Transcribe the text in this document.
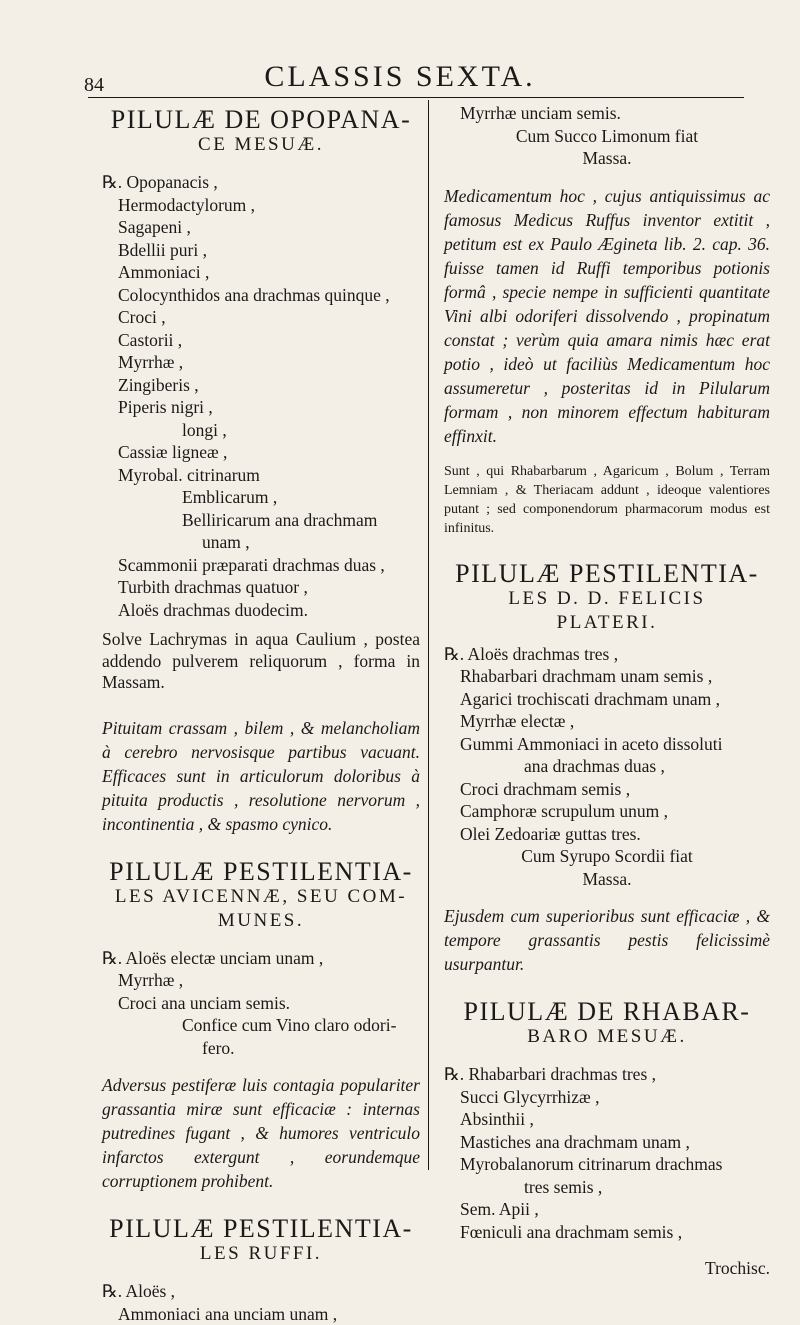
84	CLASSIS SEXTA.
PILULÆ DE OPOPANA-
CE MESUÆ.
℞. Opopanacis ,
Hermodactylorum ,
Sagapeni ,
Bdellii puri ,
Ammoniaci ,
Colocynthidos ana drachmas quinque ,
Croci ,
Castorii ,
Myrrhæ ,
Zingiberis ,
Piperis nigri ,
longi ,
Cassiæ ligneæ ,
Myrobal. citrinarum
Emblicarum ,
Belliricarum ana drachmam
unam ,
Scammonii præparati drachmas duas ,
Turbith drachmas quatuor ,
Aloës drachmas duodecim.
Solve Lachrymas in aqua Caulium , postea addendo pulverem reliquorum , forma in Massam.
Pituitam crassam , bilem , & melancholiam à cerebro nervosisque partibus vacuant. Efficaces sunt in articulorum doloribus à pituita productis , resolutione nervorum , incontinentia , & spasmo cynico.
PILULÆ PESTILENTIA-
LES AVICENNÆ, SEU COM-
MUNES.
℞. Aloës electæ unciam unam ,
Myrrhæ ,
Croci ana unciam semis.
Confice cum Vino claro odori-
fero.
Adversus pestiferæ luis contagia populariter grassantia miræ sunt efficaciæ : internas putredines fugant , & humores ventriculo infarctos extergunt , eorundemque corruptionem prohibent.
PILULÆ PESTILENTIA-
LES RUFFI.
℞. Aloës ,
Ammoniaci ana unciam unam ,
Myrrhæ unciam semis.
Cum Succo Limonum fiat
Massa.
Medicamentum hoc , cujus antiquissimus ac famosus Medicus Ruffus inventor extitit , petitum est ex Paulo Ægineta lib. 2. cap. 36. fuisse tamen id Ruffi temporibus potionis formâ , specie nempe in sufficienti quantitate Vini albi odoriferi dissolvendo , propinatum constat ; verùm quia amara nimis hæc erat potio , ideò ut faciliùs Medicamentum hoc assumeretur , posteritas id in Pilularum formam , non minorem effectum habituram effinxit.
Sunt , qui Rhabarbarum , Agaricum , Bolum , Terram Lemniam , & Theriacam addunt , ideoque valentiores putant ; sed componendorum pharmacorum modus est infinitus.
PILULÆ PESTILENTIA-
LES D. D. FELICIS
PLATERI.
℞. Aloës drachmas tres ,
Rhabarbari drachmam unam semis ,
Agarici trochiscati drachmam unam ,
Myrrhæ electæ ,
Gummi Ammoniaci in aceto dissoluti
ana drachmas duas ,
Croci drachmam semis ,
Camphoræ scrupulum unum ,
Olei Zedoariæ guttas tres.
Cum Syrupo Scordii fiat
Massa.
Ejusdem cum superioribus sunt efficaciæ , & tempore grassantis pestis felicissimè usurpantur.
PILULÆ DE RHABAR-
BARO MESUÆ.
℞. Rhabarbari drachmas tres ,
Succi Glycyrrhizæ ,
Absinthii ,
Mastiches ana drachmam unam ,
Myrobalanorum citrinarum drachmas
tres semis ,
Sem. Apii ,
Fœniculi ana drachmam semis ,
Trochisc.
